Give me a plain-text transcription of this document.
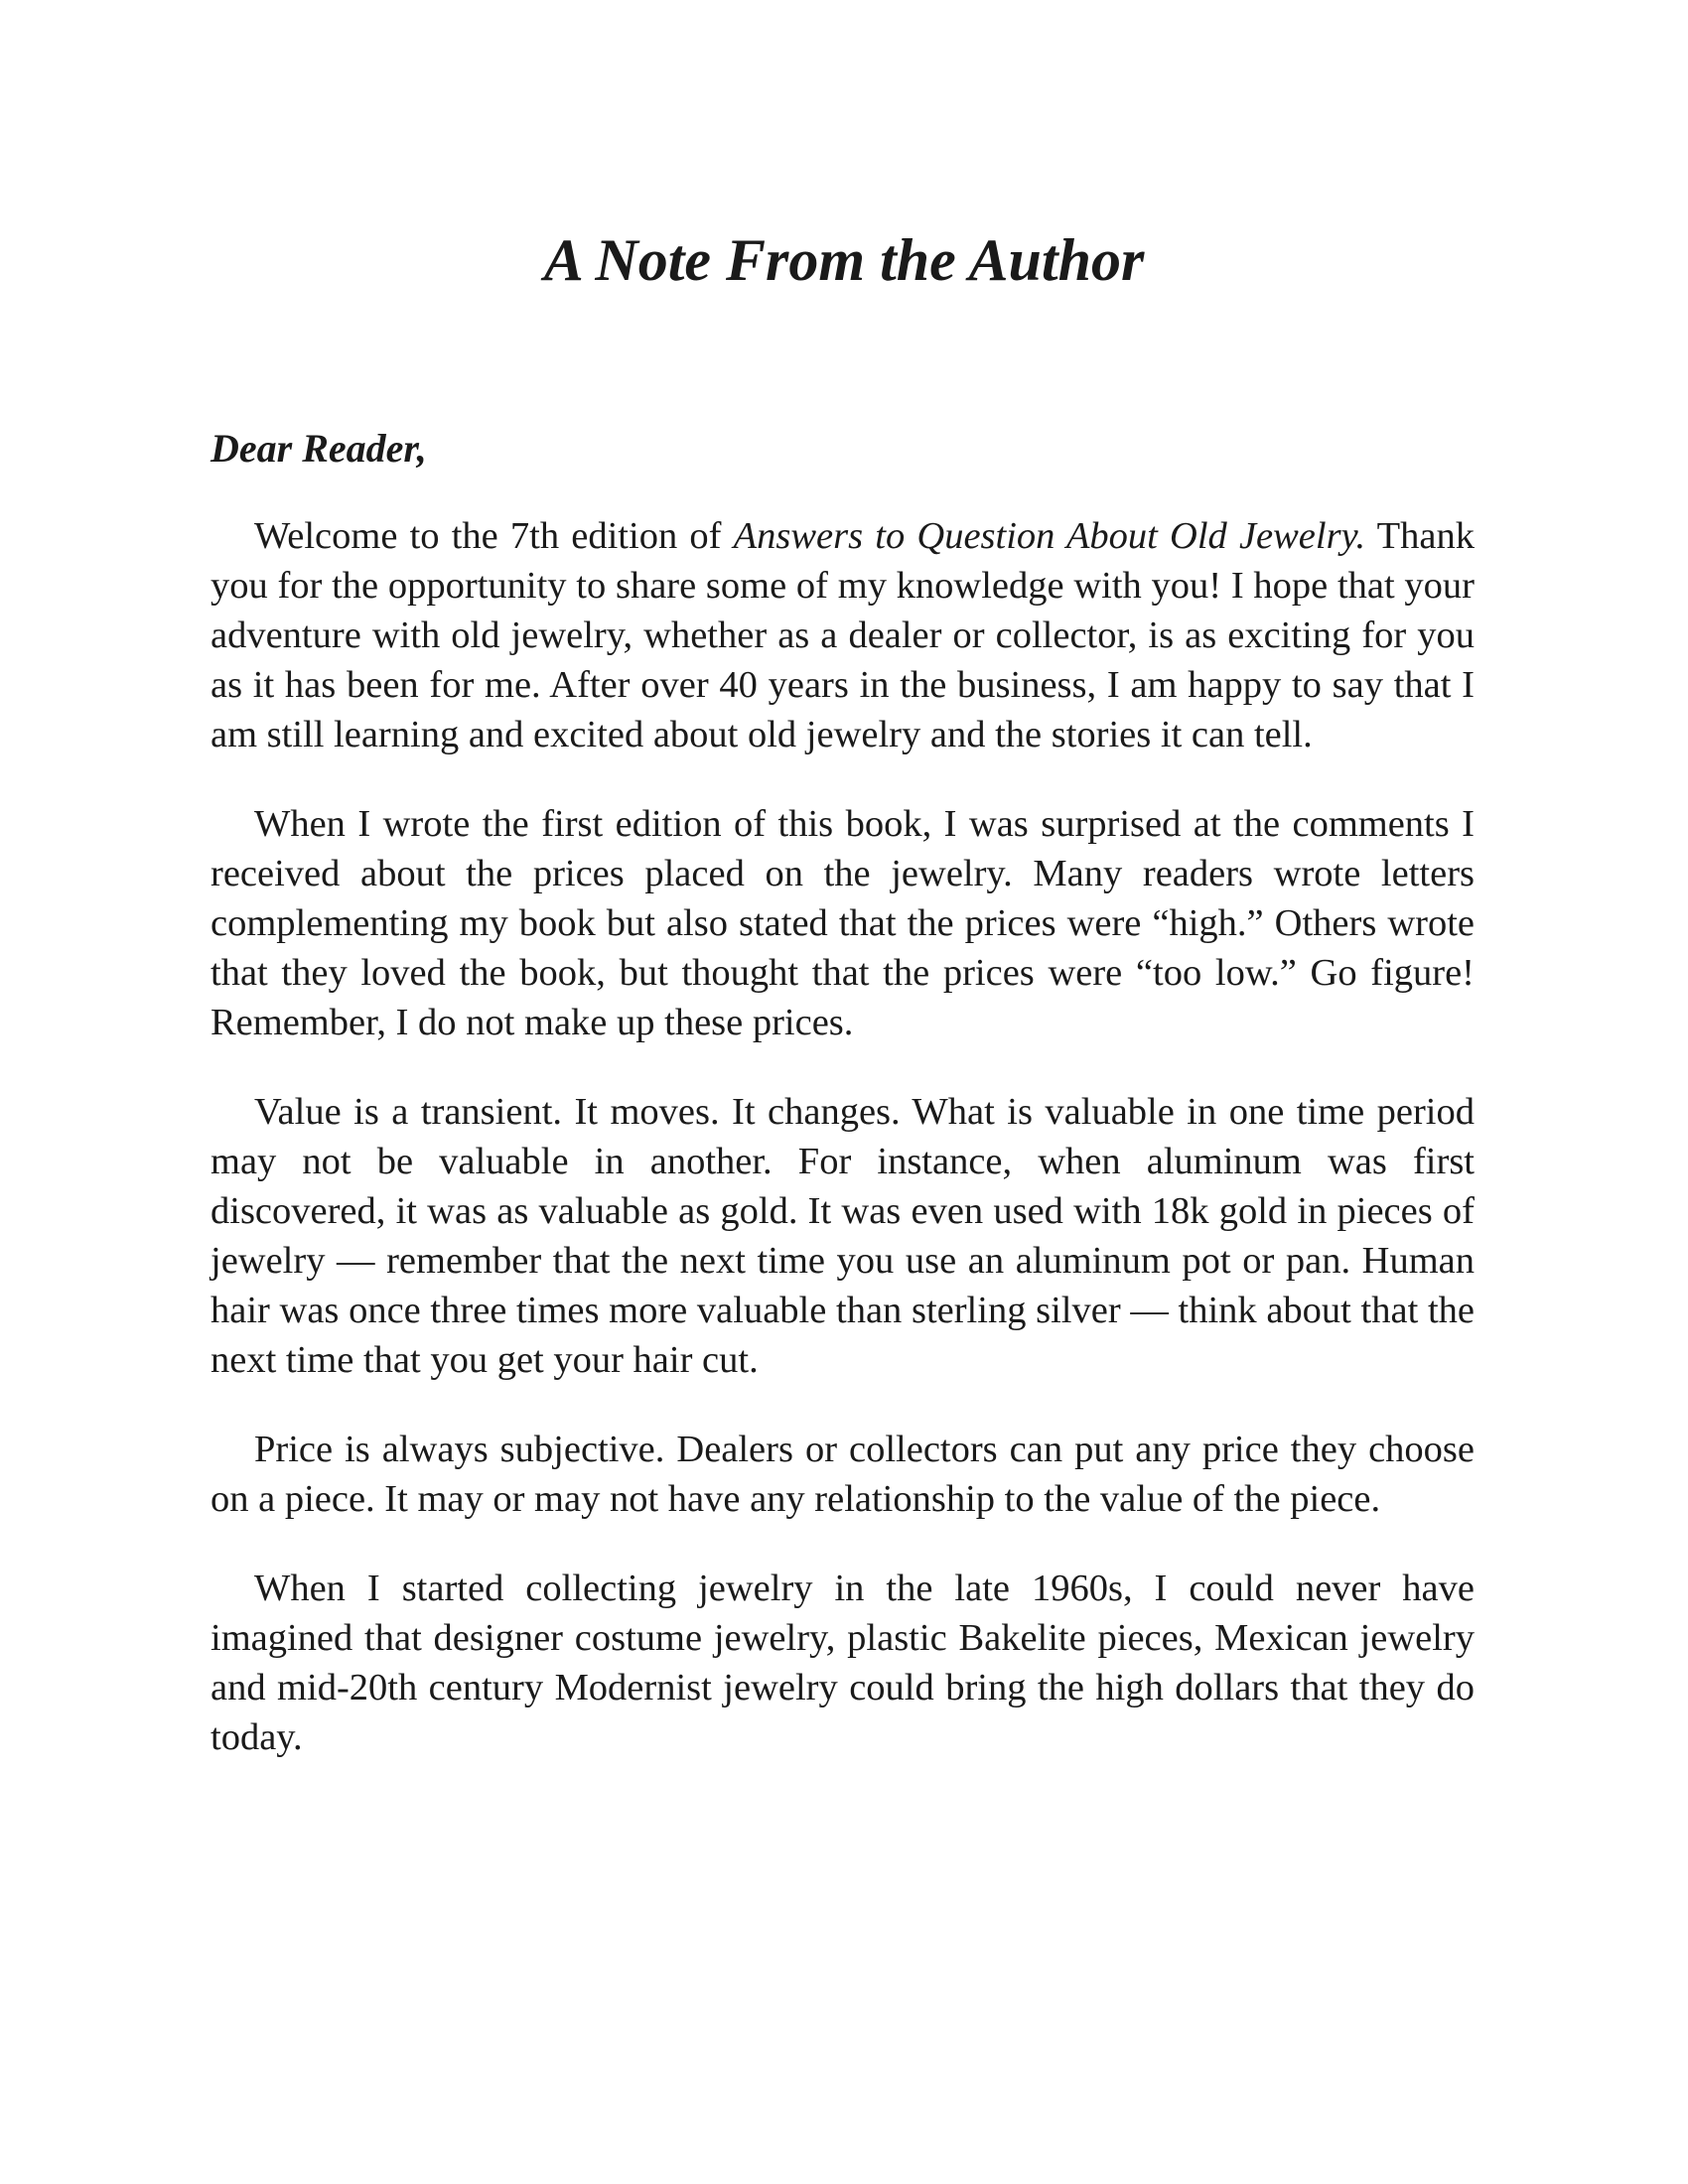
A Note From the Author

Dear Reader,

Welcome to the 7th edition of Answers to Question About Old Jewelry. Thank you for the opportunity to share some of my knowledge with you! I hope that your adventure with old jewelry, whether as a dealer or collector, is as exciting for you as it has been for me. After over 40 years in the business, I am happy to say that I am still learning and excited about old jewelry and the stories it can tell.

When I wrote the first edition of this book, I was surprised at the comments I received about the prices placed on the jewelry. Many readers wrote letters complementing my book but also stated that the prices were “high.” Others wrote that they loved the book, but thought that the prices were “too low.” Go figure! Remember, I do not make up these prices.

Value is a transient. It moves. It changes. What is valuable in one time period may not be valuable in another. For instance, when aluminum was first discovered, it was as valuable as gold. It was even used with 18k gold in pieces of jewelry — remember that the next time you use an aluminum pot or pan. Human hair was once three times more valuable than sterling silver — think about that the next time that you get your hair cut.

Price is always subjective. Dealers or collectors can put any price they choose on a piece. It may or may not have any relationship to the value of the piece.

When I started collecting jewelry in the late 1960s, I could never have imagined that designer costume jewelry, plastic Bakelite pieces, Mexican jewelry and mid-20th century Modernist jewelry could bring the high dollars that they do today.
